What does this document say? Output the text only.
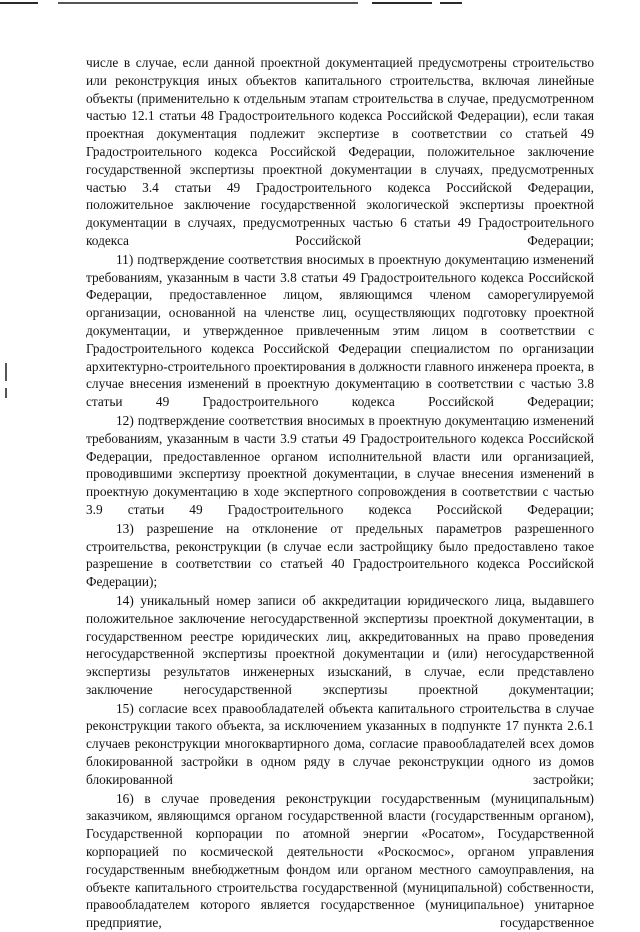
числе в случае, если данной проектной документацией предусмотрены строительство или реконструкция иных объектов капитального строительства, включая линейные объекты (применительно к отдельным этапам строительства в случае, предусмотренном частью 12.1 статьи 48 Градостроительного кодекса Российской Федерации), если такая проектная документация подлежит экспертизе в соответствии со статьей 49 Градостроительного кодекса Российской Федерации, положительное заключение государственной экспертизы проектной документации в случаях, предусмотренных частью 3.4 статьи 49 Градостроительного кодекса Российской Федерации, положительное заключение государственной экологической экспертизы проектной документации в случаях, предусмотренных частью 6 статьи 49 Градостроительного кодекса Российской Федерации;

11) подтверждение соответствия вносимых в проектную документацию изменений требованиям, указанным в части 3.8 статьи 49 Градостроительного кодекса Российской Федерации, предоставленное лицом, являющимся членом саморегулируемой организации, основанной на членстве лиц, осуществляющих подготовку проектной документации, и утвержденное привлеченным этим лицом в соответствии с Градостроительного кодекса Российской Федерации специалистом по организации архитектурно-строительного проектирования в должности главного инженера проекта, в случае внесения изменений в проектную документацию в соответствии с частью 3.8 статьи 49 Градостроительного кодекса Российской Федерации;

12) подтверждение соответствия вносимых в проектную документацию изменений требованиям, указанным в части 3.9 статьи 49 Градостроительного кодекса Российской Федерации, предоставленное органом исполнительной власти или организацией, проводившими экспертизу проектной документации, в случае внесения изменений в проектную документацию в ходе экспертного сопровождения в соответствии с частью 3.9 статьи 49 Градостроительного кодекса Российской Федерации;

13) разрешение на отклонение от предельных параметров разрешенного строительства, реконструкции (в случае если застройщику было предоставлено такое разрешение в соответствии со статьей 40 Градостроительного кодекса Российской Федерации);

14) уникальный номер записи об аккредитации юридического лица, выдавшего положительное заключение негосударственной экспертизы проектной документации, в государственном реестре юридических лиц, аккредитованных на право проведения негосударственной экспертизы проектной документации и (или) негосударственной экспертизы результатов инженерных изысканий, в случае, если представлено заключение негосударственной экспертизы проектной документации;

15) согласие всех правообладателей объекта капитального строительства в случае реконструкции такого объекта, за исключением указанных в подпункте 17 пункта 2.6.1 случаев реконструкции многоквартирного дома, согласие правообладателей всех домов блокированной застройки в одном ряду в случае реконструкции одного из домов блокированной застройки;

16) в случае проведения реконструкции государственным (муниципальным) заказчиком, являющимся органом государственной власти (государственным органом), Государственной корпорации по атомной энергии «Росатом», Государственной корпорацией по космической деятельности «Роскосмос», органом управления государственным внебюджетным фондом или органом местного самоуправления, на объекте капитального строительства государственной (муниципальной) собственности, правообладателем которого является государственное (муниципальное) унитарное предприятие, государственное
